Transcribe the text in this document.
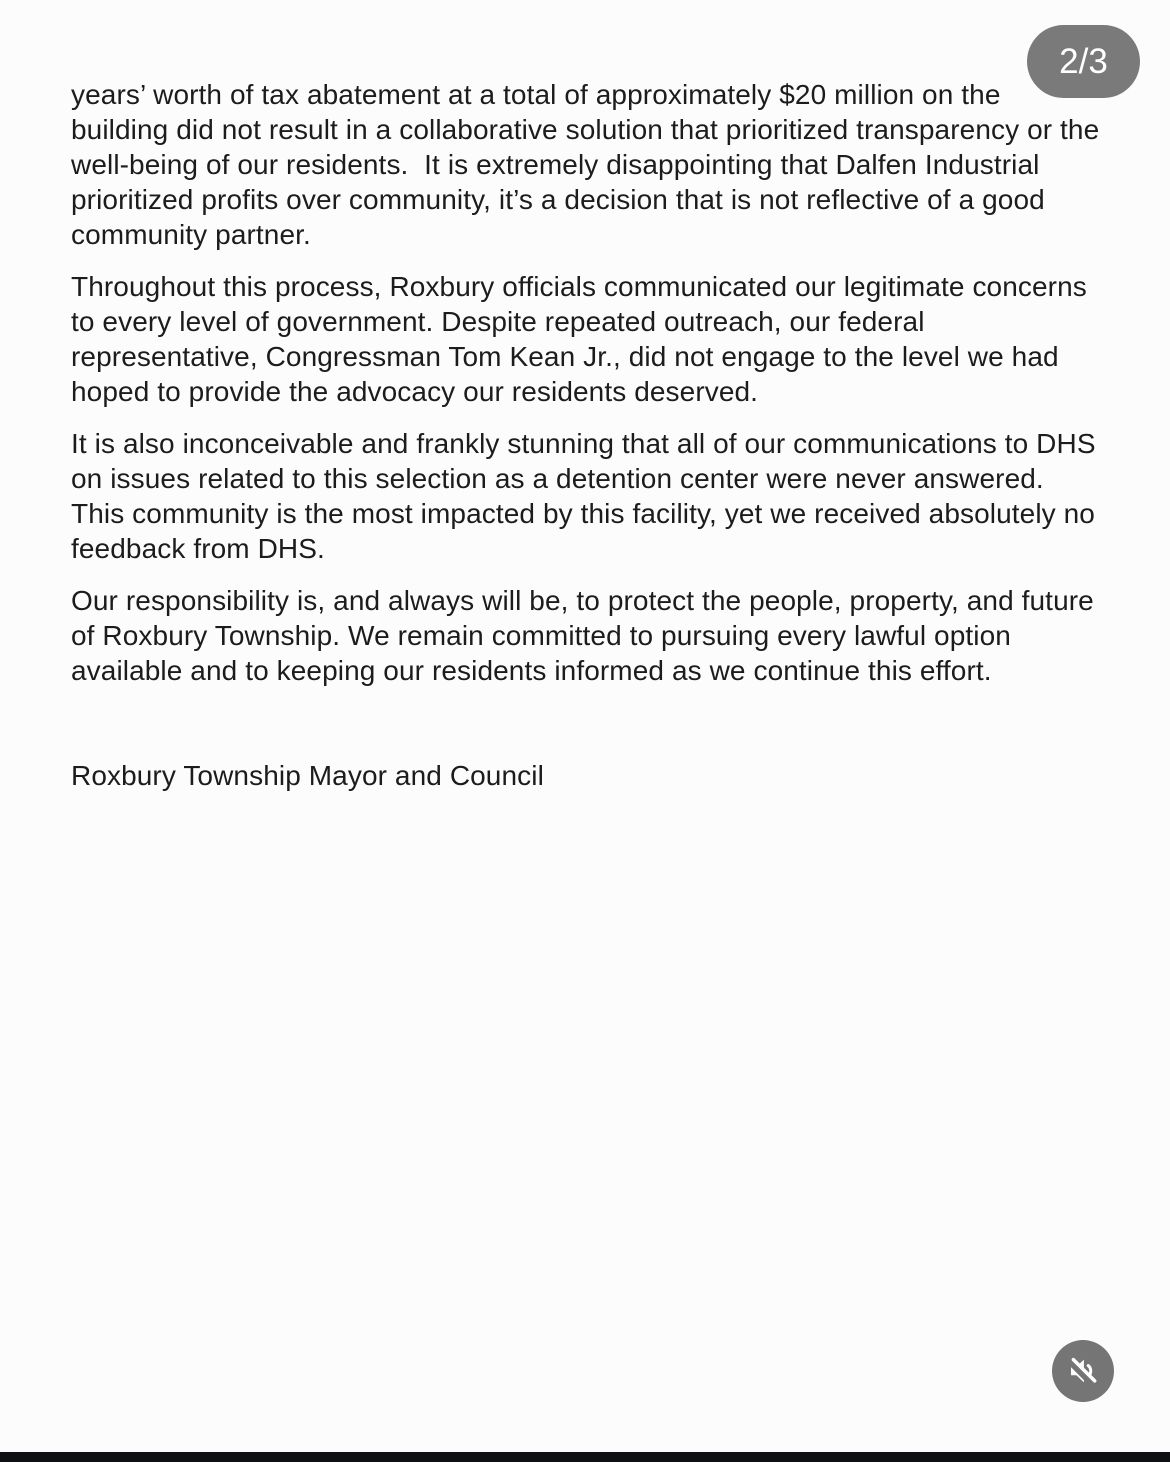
years’ worth of tax abatement at a total of approximately $20 million on the building did not result in a collaborative solution that prioritized transparency or the well-being of our residents.  It is extremely disappointing that Dalfen Industrial prioritized profits over community, it’s a decision that is not reflective of a good community partner.

Throughout this process, Roxbury officials communicated our legitimate concerns to every level of government. Despite repeated outreach, our federal representative, Congressman Tom Kean Jr., did not engage to the level we had hoped to provide the advocacy our residents deserved.

It is also inconceivable and frankly stunning that all of our communications to DHS on issues related to this selection as a detention center were never answered.  This community is the most impacted by this facility, yet we received absolutely no feedback from DHS.

Our responsibility is, and always will be, to protect the people, property, and future of Roxbury Township. We remain committed to pursuing every lawful option available and to keeping our residents informed as we continue this effort.

Roxbury Township Mayor and Council

2/3
